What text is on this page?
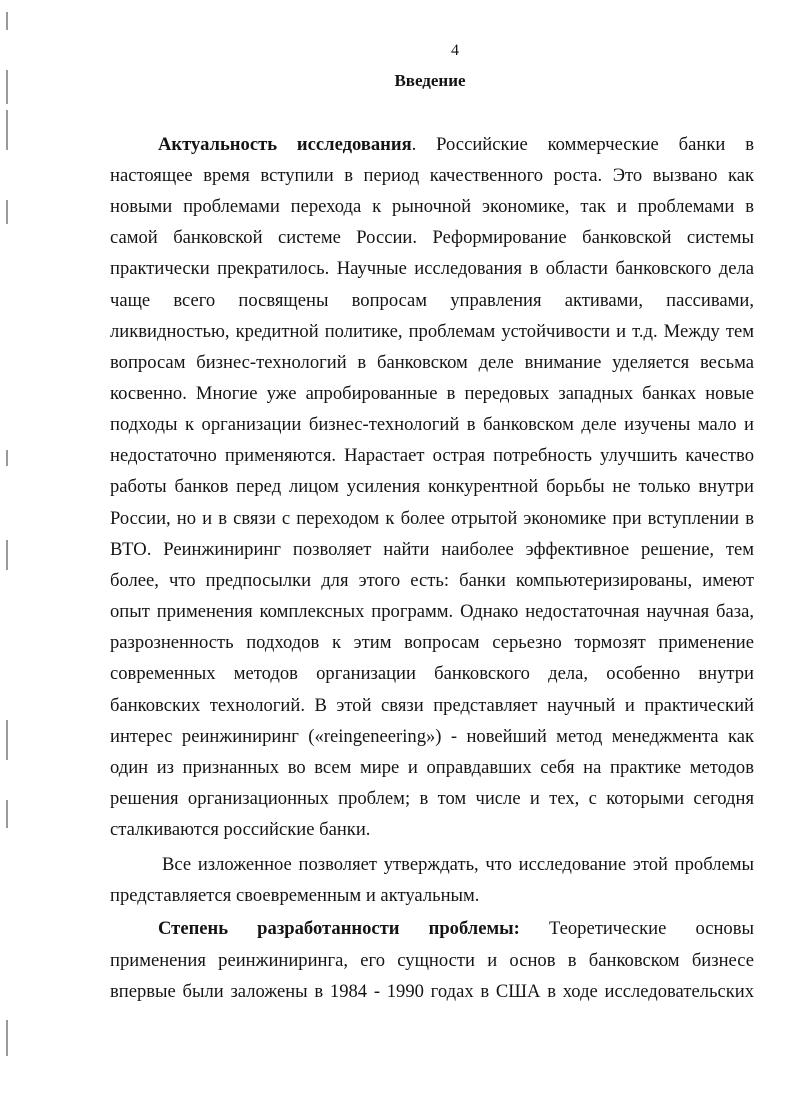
4
Введение
Актуальность исследования. Российские коммерческие банки в
настоящее время вступили в период качественного роста. Это вызвано как
новыми проблемами перехода к рыночной экономике, так и проблемами в
самой банковской системе России. Реформирование банковской системы
практически прекратилось. Научные исследования в области банковского дела
чаще всего посвящены вопросам управления активами, пассивами,
ликвидностью, кредитной политике, проблемам устойчивости и т.д. Между тем
вопросам бизнес-технологий в банковском деле внимание уделяется весьма
косвенно. Многие уже апробированные в передовых западных банках новые
подходы к организации бизнес-технологий в банковском деле изучены мало и
недостаточно применяются. Нарастает острая потребность улучшить качество
работы банков перед лицом усиления конкурентной борьбы не только внутри
России, но и в связи с переходом к более отрытой экономике при вступлении в
ВТО. Реинжиниринг позволяет найти наиболее эффективное решение, тем
более, что предпосылки для этого есть: банки компьютеризированы, имеют
опыт применения комплексных программ. Однако недостаточная научная база,
разрозненность подходов к этим вопросам серьезно тормозят применение
современных методов организации банковского дела, особенно внутри
банковских технологий. В этой связи представляет научный и практический
интерес реинжиниринг («reingeneering») - новейший метод менеджмента как
один из признанных во всем мире и оправдавших себя на практике методов
решения организационных проблем; в том числе и тех, с которыми сегодня
сталкиваются российские банки.
Все изложенное позволяет утверждать, что исследование этой проблемы
представляется своевременным и актуальным.
Степень разработанности проблемы: Теоретические основы
применения реинжиниринга, его сущности и основ в банковском бизнесе
впервые были заложены в 1984 - 1990 годах в США в ходе исследовательских
